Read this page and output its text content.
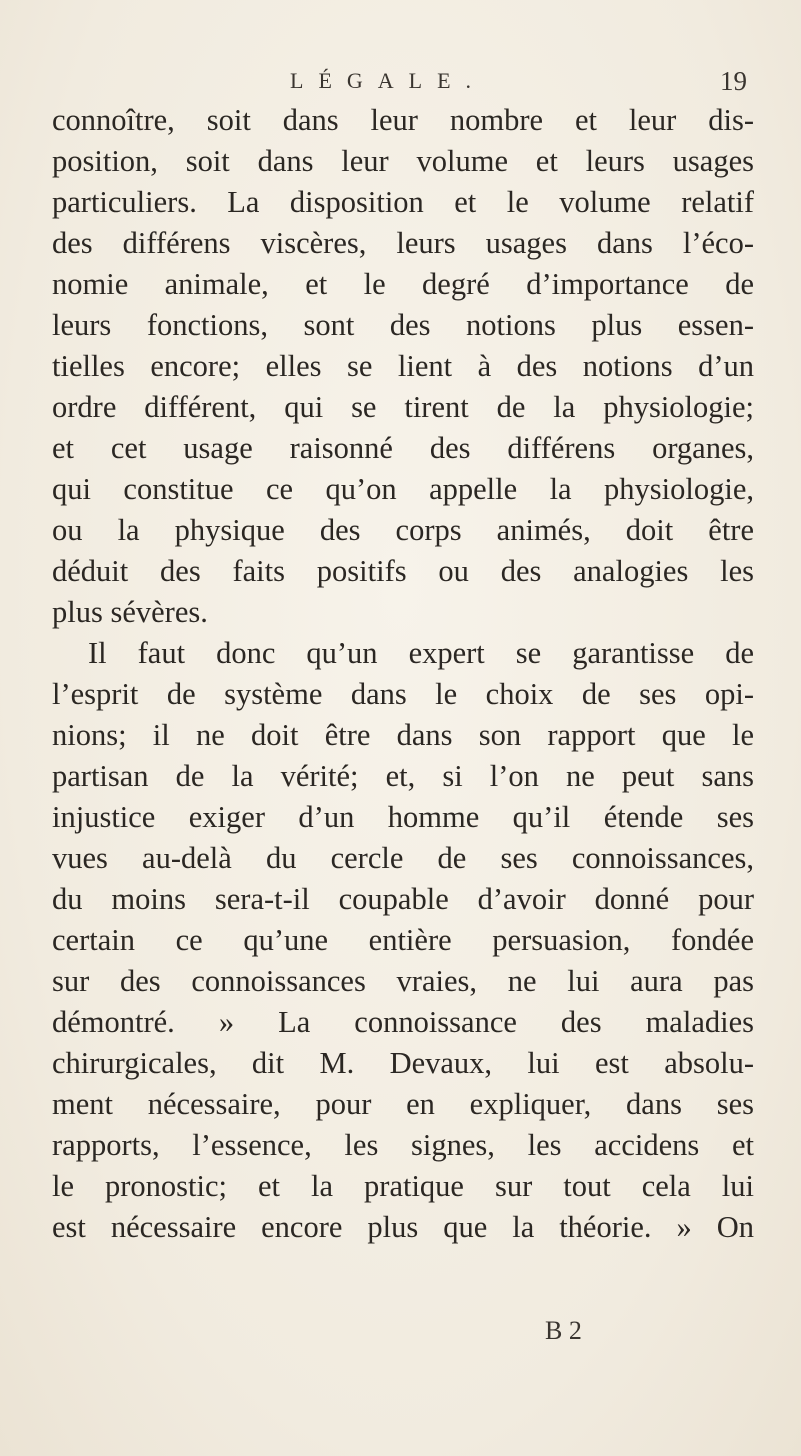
LÉGALE.	19
connoître, soit dans leur nombre et leur dis-
position, soit dans leur volume et leurs usages
particuliers. La disposition et le volume relatif
des différens viscères, leurs usages dans l’éco-
nomie animale, et le degré d’importance de
leurs fonctions, sont des notions plus essen-
tielles encore; elles se lient à des notions d’un
ordre différent, qui se tirent de la physiologie;
et cet usage raisonné des différens organes,
qui constitue ce qu’on appelle la physiologie,
ou la physique des corps animés, doit être
déduit des faits positifs ou des analogies les
plus sévères.
Il faut donc qu’un expert se garantisse de
l’esprit de système dans le choix de ses opi-
nions; il ne doit être dans son rapport que le
partisan de la vérité; et, si l’on ne peut sans
injustice exiger d’un homme qu’il étende ses
vues au-delà du cercle de ses connoissances,
du moins sera-t-il coupable d’avoir donné pour
certain ce qu’une entière persuasion, fondée
sur des connoissances vraies, ne lui aura pas
démontré. » La connoissance des maladies
chirurgicales, dit M. Devaux, lui est absolu-
ment nécessaire, pour en expliquer, dans ses
rapports, l’essence, les signes, les accidens et
le pronostic; et la pratique sur tout cela lui
est nécessaire encore plus que la théorie. » On
B 2
